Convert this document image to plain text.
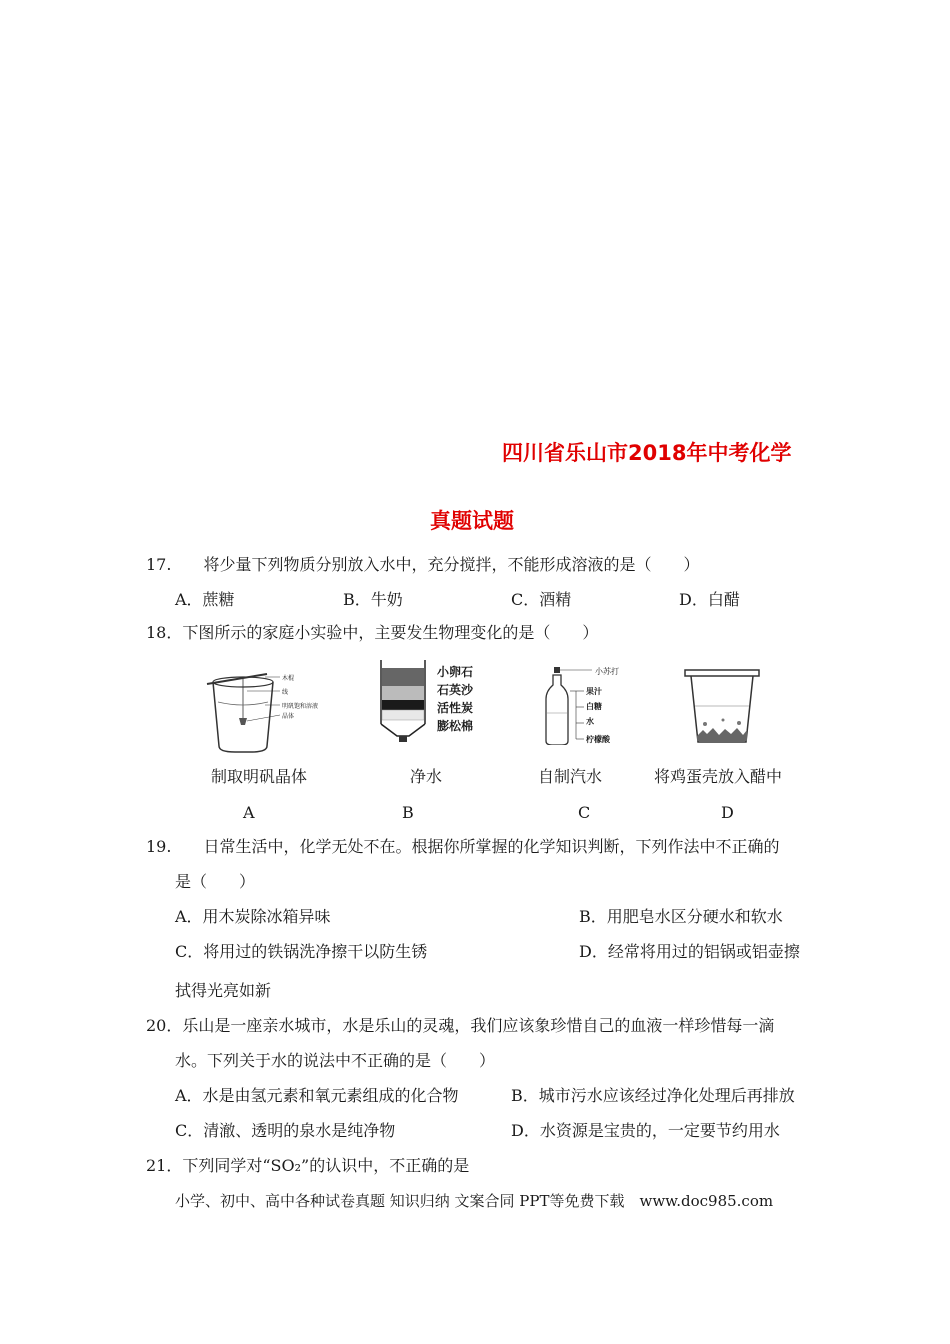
四川省乐山市2018年中考化学
真题试题
17.　　将少量下列物质分别放入水中，充分搅拌，不能形成溶液的是（　　）
A．蔗糖	B．牛奶	C．酒精	D．白醋
18．下图所示的家庭小实验中，主要发生物理变化的是（　　）
木棍
线
明矾饱和溶液
晶体
小卵石
石英沙
活性炭
膨松棉
小苏打
果汁
白糖
水
柠檬酸
制取明矾晶体	净水	自制汽水	将鸡蛋壳放入醋中
A	B	C	D
19.　　日常生活中，化学无处不在。根据你所掌握的化学知识判断，下列作法中不正确的
是（　　）
A．用木炭除冰箱异味	B．用肥皂水区分硬水和软水
C．将用过的铁锅洗净擦干以防生锈	D．经常将用过的铝锅或铝壶擦
拭得光亮如新
20．乐山是一座亲水城市，水是乐山的灵魂，我们应该象珍惜自己的血液一样珍惜每一滴
水。下列关于水的说法中不正确的是（　　）
A．水是由氢元素和氧元素组成的化合物	B．城市污水应该经过净化处理后再排放
C．清澈、透明的泉水是纯净物	D．水资源是宝贵的，一定要节约用水
21．下列同学对“SO₂”的认识中，不正确的是
小学、初中、高中各种试卷真题 知识归纳 文案合同 PPT等免费下载　www.doc985.com
